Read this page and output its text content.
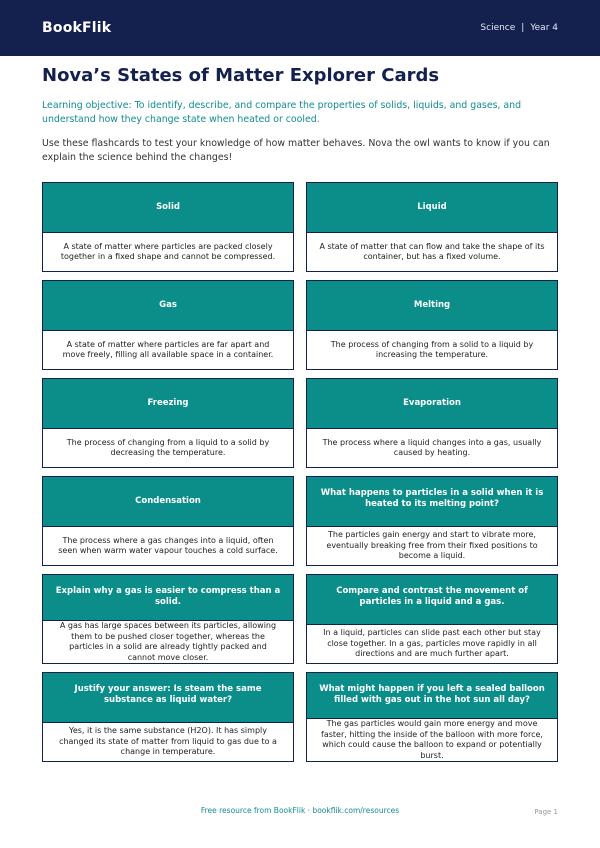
BookFlik	Science | Year 4
Nova’s States of Matter Explorer Cards
Learning objective: To identify, describe, and compare the properties of solids, liquids, and gases, and understand how they change state when heated or cooled.
Use these flashcards to test your knowledge of how matter behaves. Nova the owl wants to know if you can explain the science behind the changes!
Solid
A state of matter where particles are packed closely together in a fixed shape and cannot be compressed.
Liquid
A state of matter that can flow and take the shape of its container, but has a fixed volume.
Gas
A state of matter where particles are far apart and move freely, filling all available space in a container.
Melting
The process of changing from a solid to a liquid by increasing the temperature.
Freezing
The process of changing from a liquid to a solid by decreasing the temperature.
Evaporation
The process where a liquid changes into a gas, usually caused by heating.
Condensation
The process where a gas changes into a liquid, often seen when warm water vapour touches a cold surface.
What happens to particles in a solid when it is heated to its melting point?
The particles gain energy and start to vibrate more, eventually breaking free from their fixed positions to become a liquid.
Explain why a gas is easier to compress than a solid.
A gas has large spaces between its particles, allowing them to be pushed closer together, whereas the particles in a solid are already tightly packed and cannot move closer.
Compare and contrast the movement of particles in a liquid and a gas.
In a liquid, particles can slide past each other but stay close together. In a gas, particles move rapidly in all directions and are much further apart.
Justify your answer: Is steam the same substance as liquid water?
Yes, it is the same substance (H2O). It has simply changed its state of matter from liquid to gas due to a change in temperature.
What might happen if you left a sealed balloon filled with gas out in the hot sun all day?
The gas particles would gain more energy and move faster, hitting the inside of the balloon with more force, which could cause the balloon to expand or potentially burst.
Free resource from BookFlik · bookflik.com/resources	Page 1
